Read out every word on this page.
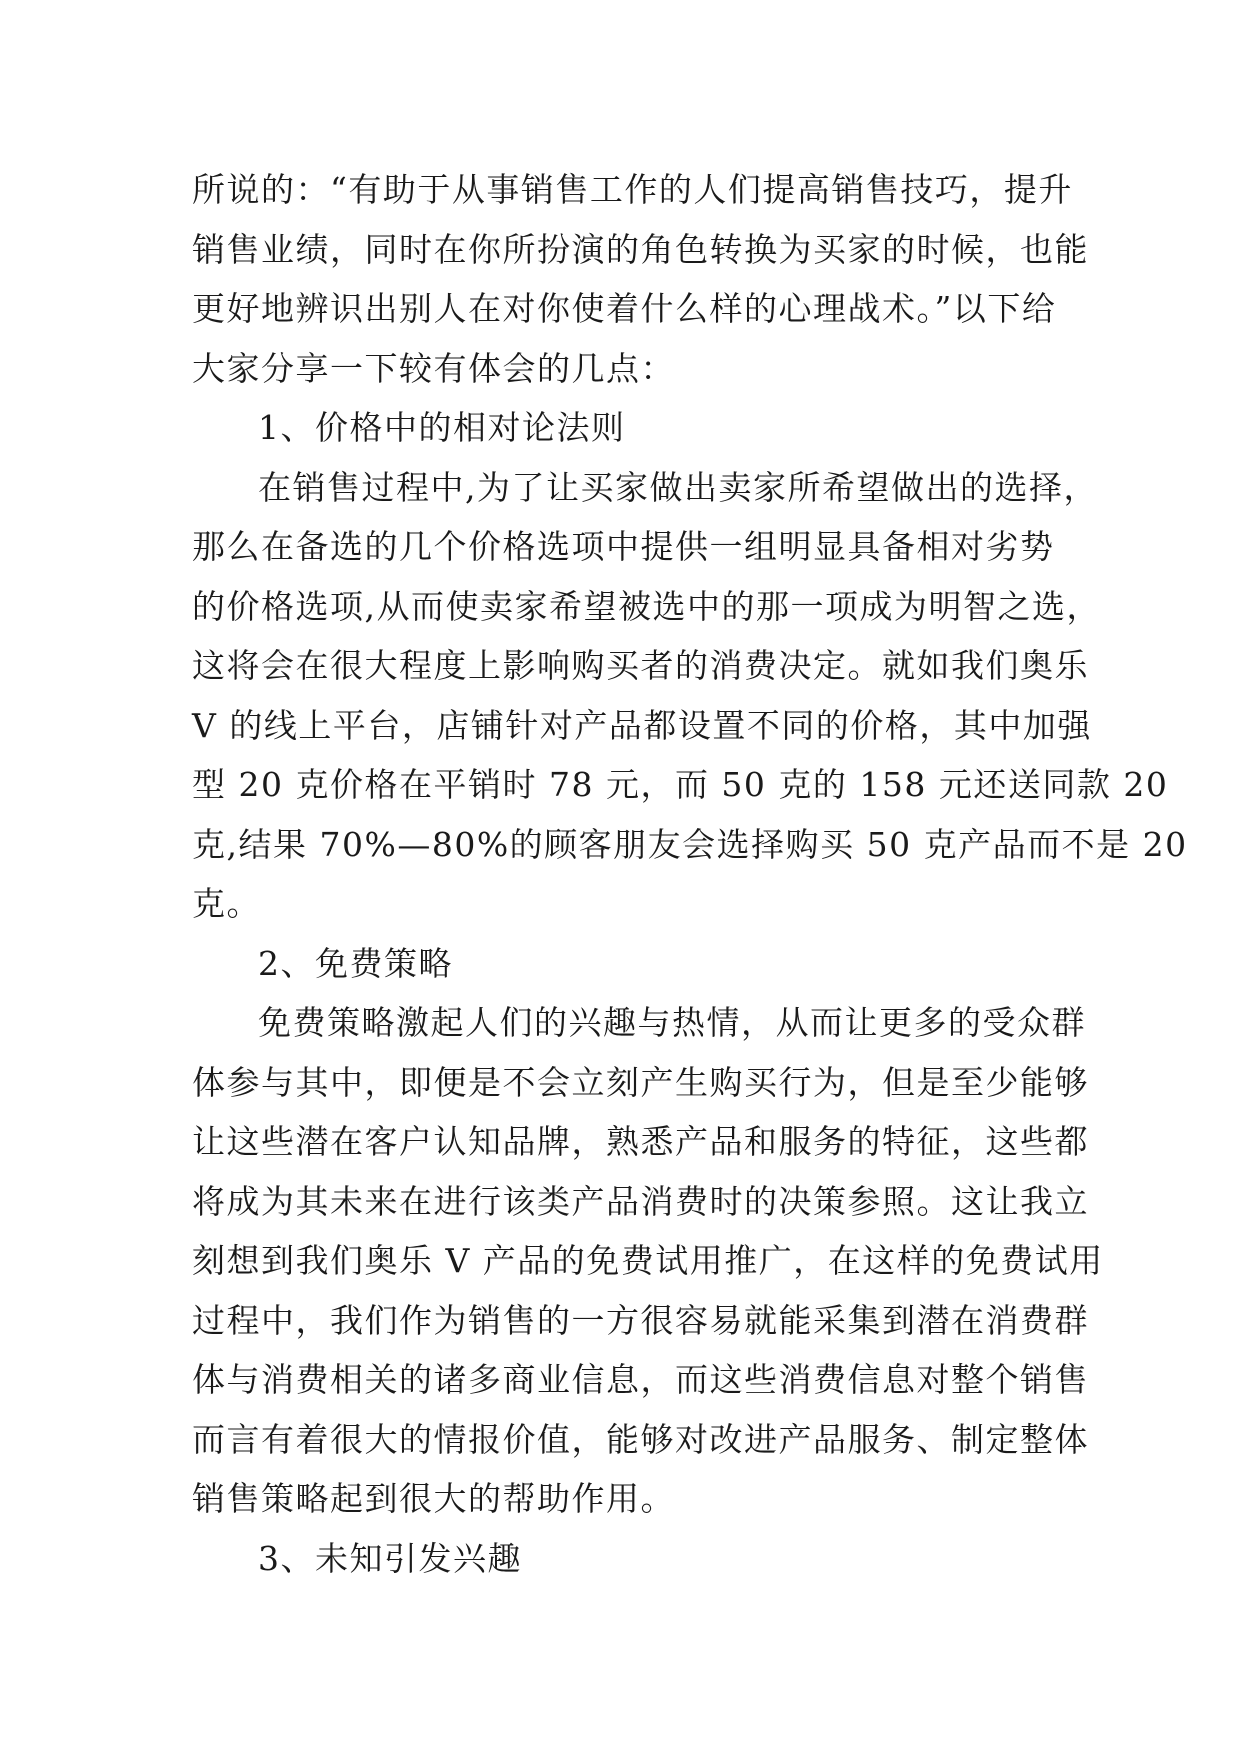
所说的：“有助于从事销售工作的人们提高销售技巧，提升
销售业绩，同时在你所扮演的角色转换为买家的时候，也能
更好地辨识出别人在对你使着什么样的心理战术。”以下给
大家分享一下较有体会的几点：
1、价格中的相对论法则
在销售过程中,为了让买家做出卖家所希望做出的选择，
那么在备选的几个价格选项中提供一组明显具备相对劣势
的价格选项,从而使卖家希望被选中的那一项成为明智之选，
这将会在很大程度上影响购买者的消费决定。就如我们奥乐
V 的线上平台，店铺针对产品都设置不同的价格，其中加强
型 20 克价格在平销时 78 元，而 50 克的 158 元还送同款 20
克,结果 70%—80%的顾客朋友会选择购买 50 克产品而不是 20
克。
2、免费策略
免费策略激起人们的兴趣与热情，从而让更多的受众群
体参与其中，即便是不会立刻产生购买行为，但是至少能够
让这些潜在客户认知品牌，熟悉产品和服务的特征，这些都
将成为其未来在进行该类产品消费时的决策参照。这让我立
刻想到我们奥乐 V 产品的免费试用推广，在这样的免费试用
过程中，我们作为销售的一方很容易就能采集到潜在消费群
体与消费相关的诸多商业信息，而这些消费信息对整个销售
而言有着很大的情报价值，能够对改进产品服务、制定整体
销售策略起到很大的帮助作用。
3、未知引发兴趣
